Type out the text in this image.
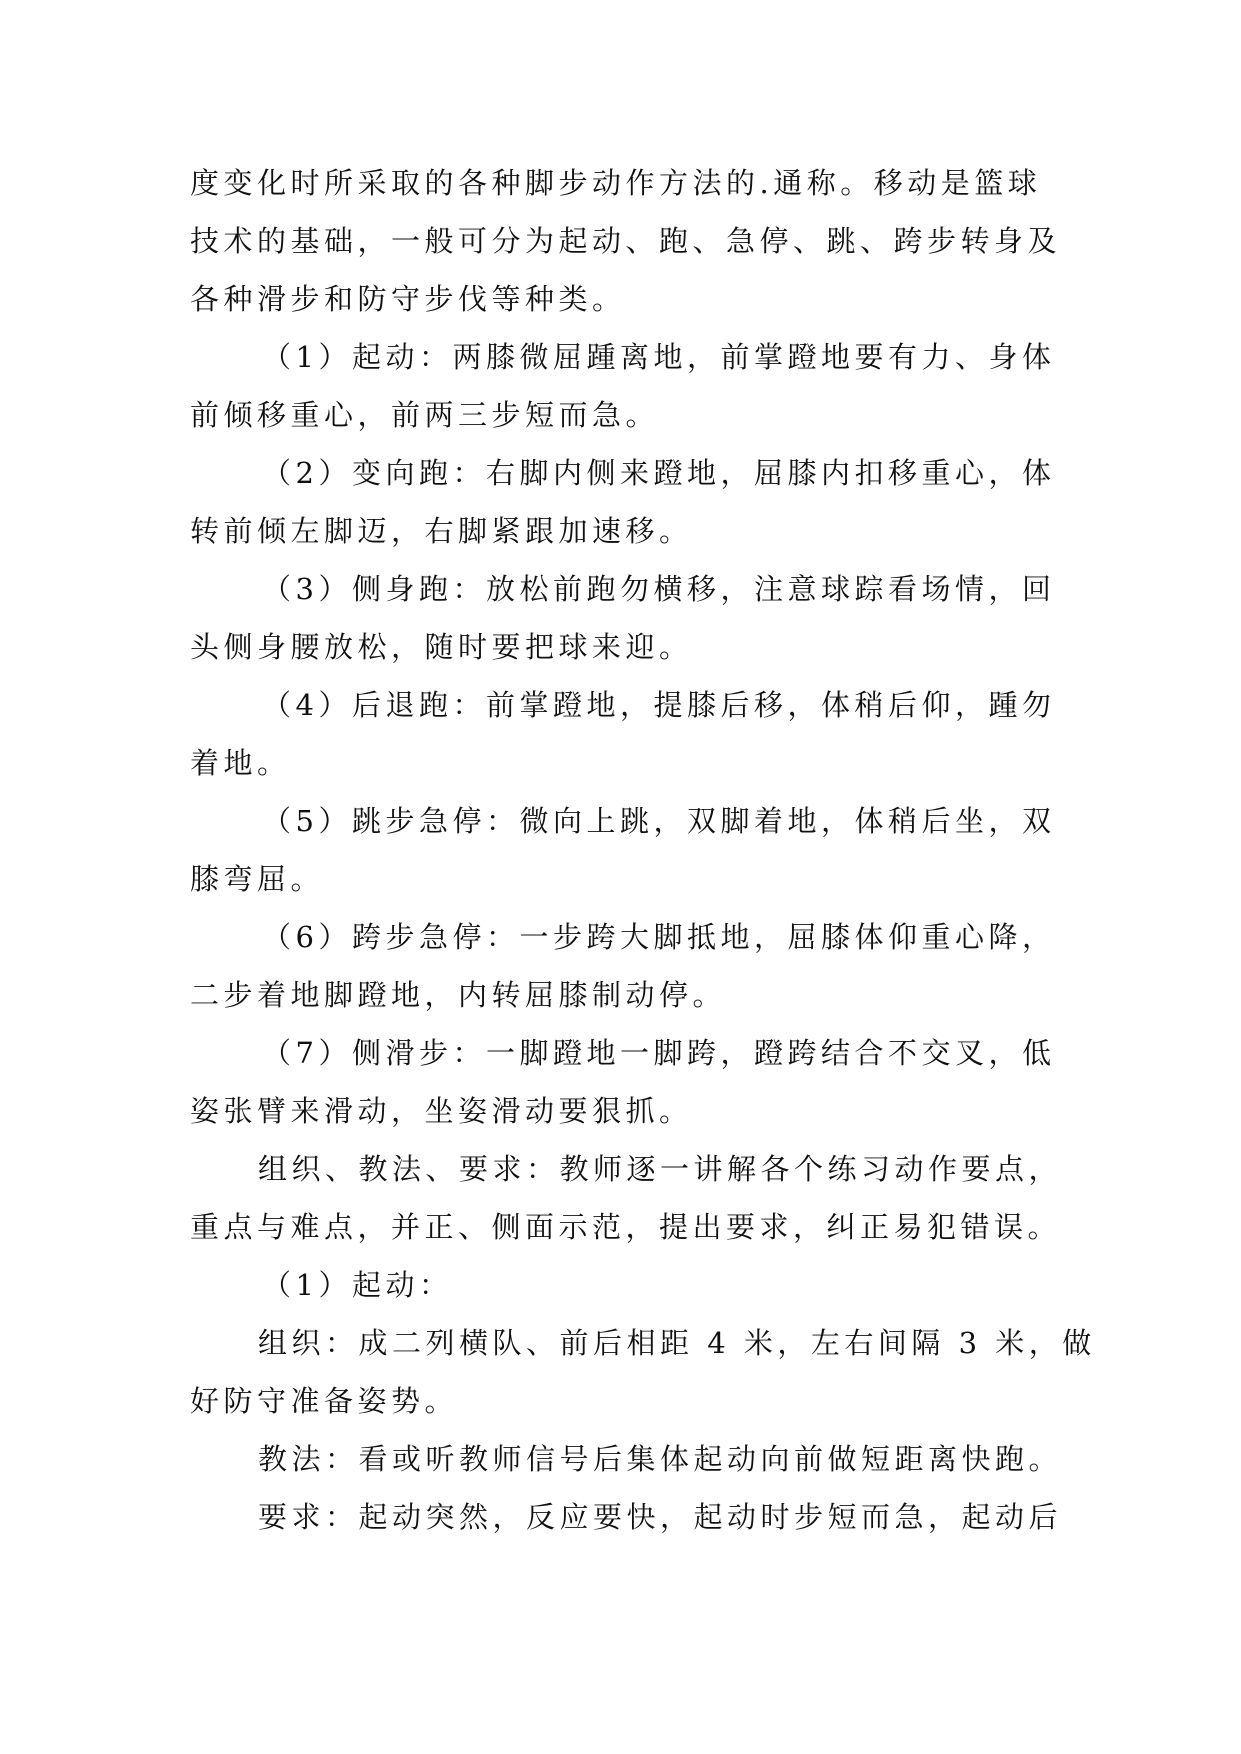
度变化时所采取的各种脚步动作方法的.通称。移动是篮球
技术的基础，一般可分为起动、跑、急停、跳、跨步转身及
各种滑步和防守步伐等种类。

（1）起动：两膝微屈踵离地，前掌蹬地要有力、身体
前倾移重心，前两三步短而急。

（2）变向跑：右脚内侧来蹬地，屈膝内扣移重心，体
转前倾左脚迈，右脚紧跟加速移。

（3）侧身跑：放松前跑勿横移，注意球踪看场情，回
头侧身腰放松，随时要把球来迎。

（4）后退跑：前掌蹬地，提膝后移，体稍后仰，踵勿
着地。

（5）跳步急停：微向上跳，双脚着地，体稍后坐，双
膝弯屈。

（6）跨步急停：一步跨大脚抵地，屈膝体仰重心降，
二步着地脚蹬地，内转屈膝制动停。

（7）侧滑步：一脚蹬地一脚跨，蹬跨结合不交叉，低
姿张臂来滑动，坐姿滑动要狠抓。

组织、教法、要求：教师逐一讲解各个练习动作要点，
重点与难点，并正、侧面示范，提出要求，纠正易犯错误。

（1）起动：

组织：成二列横队、前后相距 4 米，左右间隔 3 米，做
好防守准备姿势。

教法：看或听教师信号后集体起动向前做短距离快跑。

要求：起动突然，反应要快，起动时步短而急，起动后
